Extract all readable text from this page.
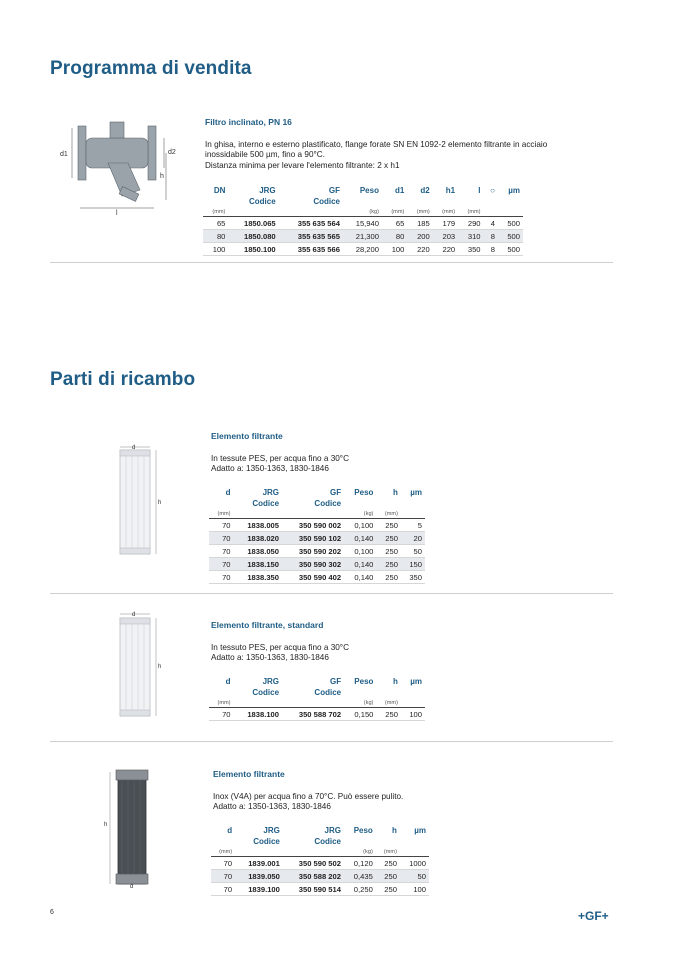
Programma di vendita
d1	d2
h
l
Filtro inclinato, PN 16
In ghisa, interno e esterno plastificato, flange forate SN EN 1092-2 elemento filtrante in acciaio
inossidabile 500 µm, fino a 90°C.
Distanza minima per levare l'elemento filtrante: 2 x h1
DN	JRG	GF	Peso	d1	d2	h1	l	○	µm
	Codice	Codice							
(mm)			(kg)	(mm)	(mm)	(mm)	(mm)		
65	1850.065	355 635 564	15,940	65	185	179	290	4	500
80	1850.080	355 635 565	21,300	80	200	203	310	8	500
100	1850.100	355 635 566	28,200	100	220	220	350	8	500
Parti di ricambo
d
h
Elemento filtrante
In tessute PES, per acqua fino a 30°C
Adatto a: 1350-1363, 1830-1846
d	JRG	GF	Peso	h	µm
	Codice	Codice			
(mm)			(kg)	(mm)	
70	1838.005	350 590 002	0,100	250	5
70	1838.020	350 590 102	0,140	250	20
70	1838.050	350 590 202	0,100	250	50
70	1838.150	350 590 302	0,140	250	150
70	1838.350	350 590 402	0,140	250	350
d
h
Elemento filtrante, standard
In tessuto PES, per acqua fino a 30°C
Adatto a: 1350-1363, 1830-1846
d	JRG	GF	Peso	h	µm
	Codice	Codice			
(mm)			(kg)	(mm)	
70	1838.100	350 588 702	0,150	250	100
h
d
Elemento filtrante
Inox (V4A) per acqua fino a 70°C. Può essere pulito.
Adatto a: 1350-1363, 1830-1846
d	JRG	JRG	Peso	h	µm
	Codice	Codice			
(mm)			(kg)	(mm)	
70	1839.001	350 590 502	0,120	250	1000
70	1839.050	350 588 202	0,435	250	50
70	1839.100	350 590 514	0,250	250	100
6	+GF+
